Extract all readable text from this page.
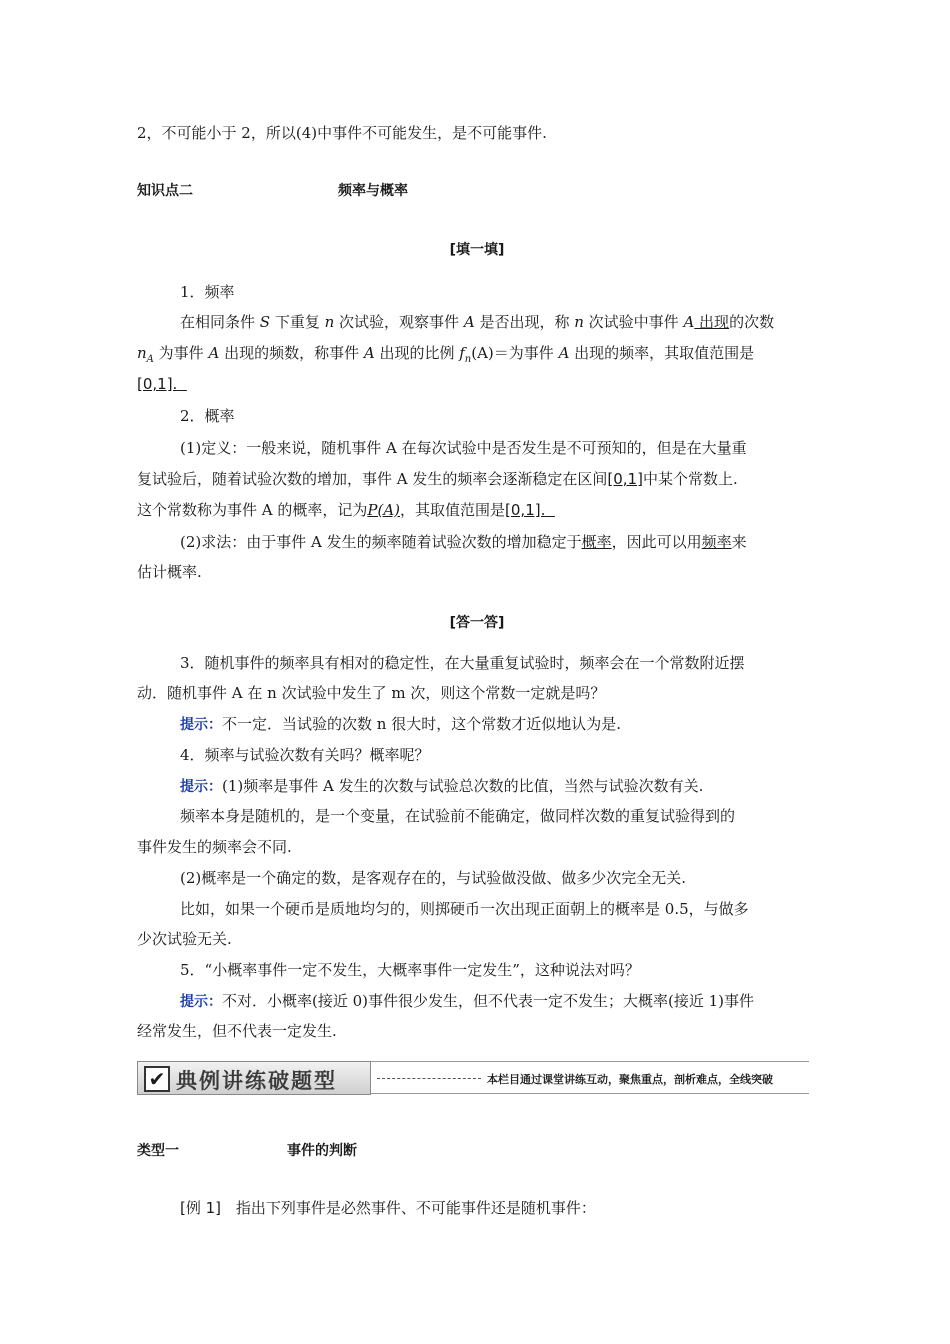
2，不可能小于 2，所以(4)中事件不可能发生，是不可能事件.
知识点二	频率与概率
[填一填]
1．频率
在相同条件 S 下重复 n 次试验，观察事件 A 是否出现，称 n 次试验中事件 A 出现的次数
$n_A$ 为事件 A 出现的频数，称事件 A 出现的比例 $f_n(A)=$为事件 A 出现的频率，其取值范围是
[0,1].
2．概率
(1)定义：一般来说，随机事件 A 在每次试验中是否发生是不可预知的，但是在大量重
复试验后，随着试验次数的增加，事件 A 发生的频率会逐渐稳定在区间[0,1]中某个常数上.
这个常数称为事件 A 的概率，记为P(A)，其取值范围是[0,1].
(2)求法：由于事件 A 发生的频率随着试验次数的增加稳定于概率，因此可以用频率来
估计概率.
[答一答]
3．随机事件的频率具有相对的稳定性，在大量重复试验时，频率会在一个常数附近摆
动．随机事件 A 在 n 次试验中发生了 m 次，则这个常数一定就是吗？
提示：不一定．当试验的次数 n 很大时，这个常数才近似地认为是.
4．频率与试验次数有关吗？概率呢？
提示：(1)频率是事件 A 发生的次数与试验总次数的比值，当然与试验次数有关.
频率本身是随机的，是一个变量，在试验前不能确定，做同样次数的重复试验得到的
事件发生的频率会不同.
(2)概率是一个确定的数，是客观存在的，与试验做没做、做多少次完全无关.
比如，如果一个硬币是质地均匀的，则掷硬币一次出现正面朝上的概率是 0.5，与做多
少次试验无关.
5．“小概率事件一定不发生，大概率事件一定发生”，这种说法对吗？
提示：不对．小概率(接近 0)事件很少发生，但不代表一定不发生；大概率(接近 1)事件
经常发生，但不代表一定发生.
✔ 典例讲练破题型	本栏目通过课堂讲练互动，聚焦重点，剖析难点，全线突破
类型一	事件的判断
[例 1] 指出下列事件是必然事件、不可能事件还是随机事件：
